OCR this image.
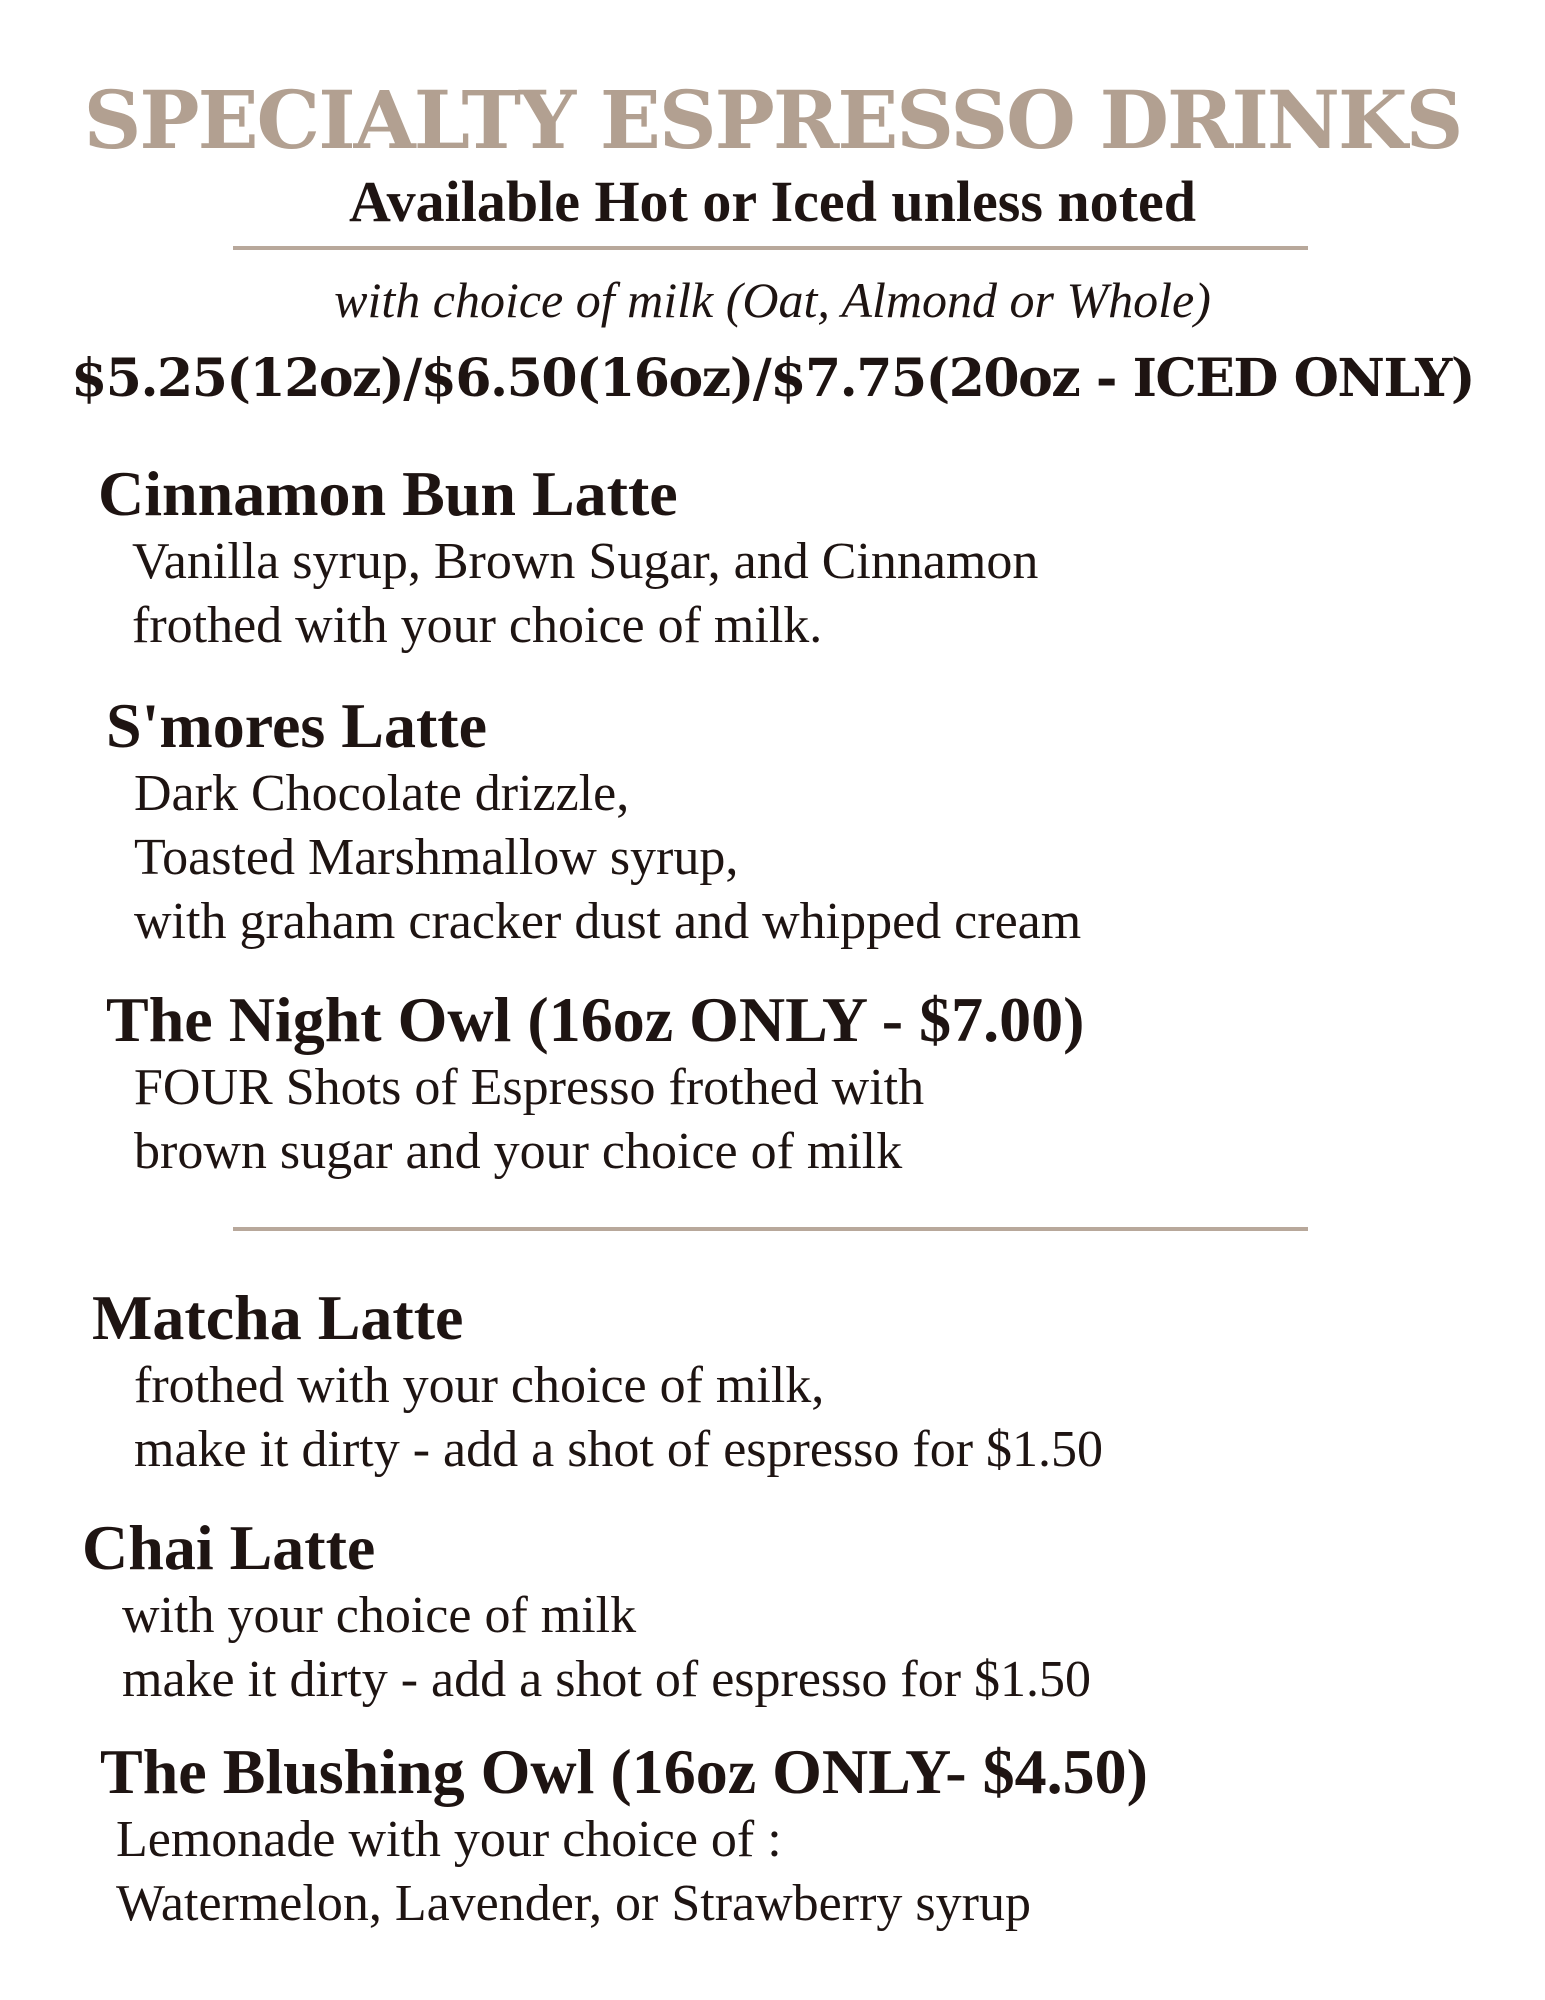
SPECIALTY ESPRESSO DRINKS
Available Hot or Iced unless noted
with choice of milk (Oat, Almond or Whole)
$5.25(12oz)/$6.50(16oz)/$7.75(20oz - ICED ONLY)
Cinnamon Bun Latte
Vanilla syrup, Brown Sugar, and Cinnamon
frothed with your choice of milk.
S'mores Latte
Dark Chocolate drizzle,
Toasted Marshmallow syrup,
with graham cracker dust and whipped cream
The Night Owl (16oz ONLY - $7.00)
FOUR Shots of Espresso frothed with
brown sugar and your choice of milk
Matcha Latte
frothed with your choice of milk,
make it dirty - add a shot of espresso for $1.50
Chai Latte
with your choice of milk
make it dirty - add a shot of espresso for $1.50
The Blushing Owl (16oz ONLY- $4.50)
Lemonade with your choice of :
Watermelon, Lavender, or Strawberry syrup
